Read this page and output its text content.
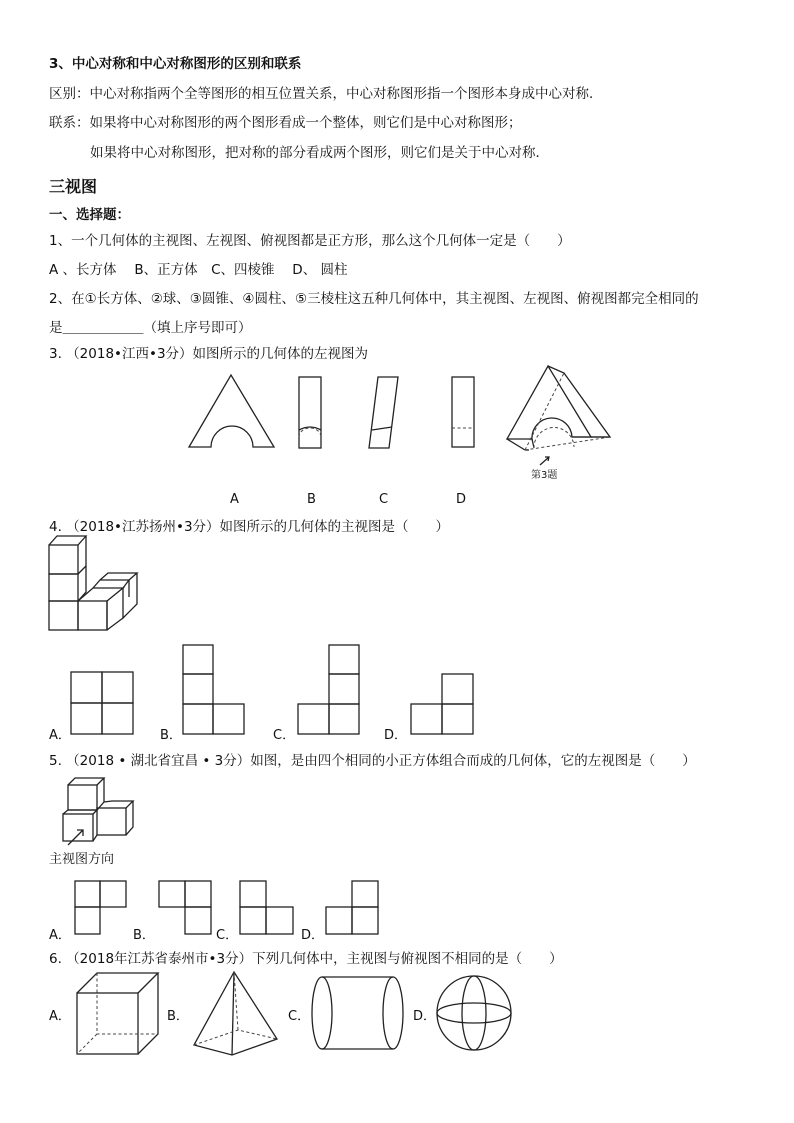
3、中心对称和中心对称图形的区别和联系
区别：中心对称指两个全等图形的相互位置关系，中心对称图形指一个图形本身成中心对称．
联系：如果将中心对称图形的两个图形看成一个整体，则它们是中心对称图形；
如果将中心对称图形，把对称的部分看成两个图形，则它们是关于中心对称．
三视图
一、选择题：
1、一个几何体的主视图、左视图、俯视图都是正方形，那么这个几何体一定是（　　）
A 、长方体　 B、正方体　C、四棱锥　 D、 圆柱
2、在①长方体、②球、③圆锥、④圆柱、⑤三棱柱这五种几何体中，其主视图、左视图、俯视图都完全相同的
是＿＿＿＿＿＿（填上序号即可）
3. （2018•江西•3分）如图所示的几何体的左视图为
第3题
A	B	C	D
4. （2018•江苏扬州•3分）如图所示的几何体的主视图是（　　）
A．	B．	C．	D．
5. （2018 • 湖北省宜昌 • 3分）如图，是由四个相同的小正方体组合而成的几何体，它的左视图是（　　）
主视图方向
A．	B．	C．	D．
6. （2018年江苏省泰州市•3分）下列几何体中，主视图与俯视图不相同的是（　　）
A．	B．	C．	D．
